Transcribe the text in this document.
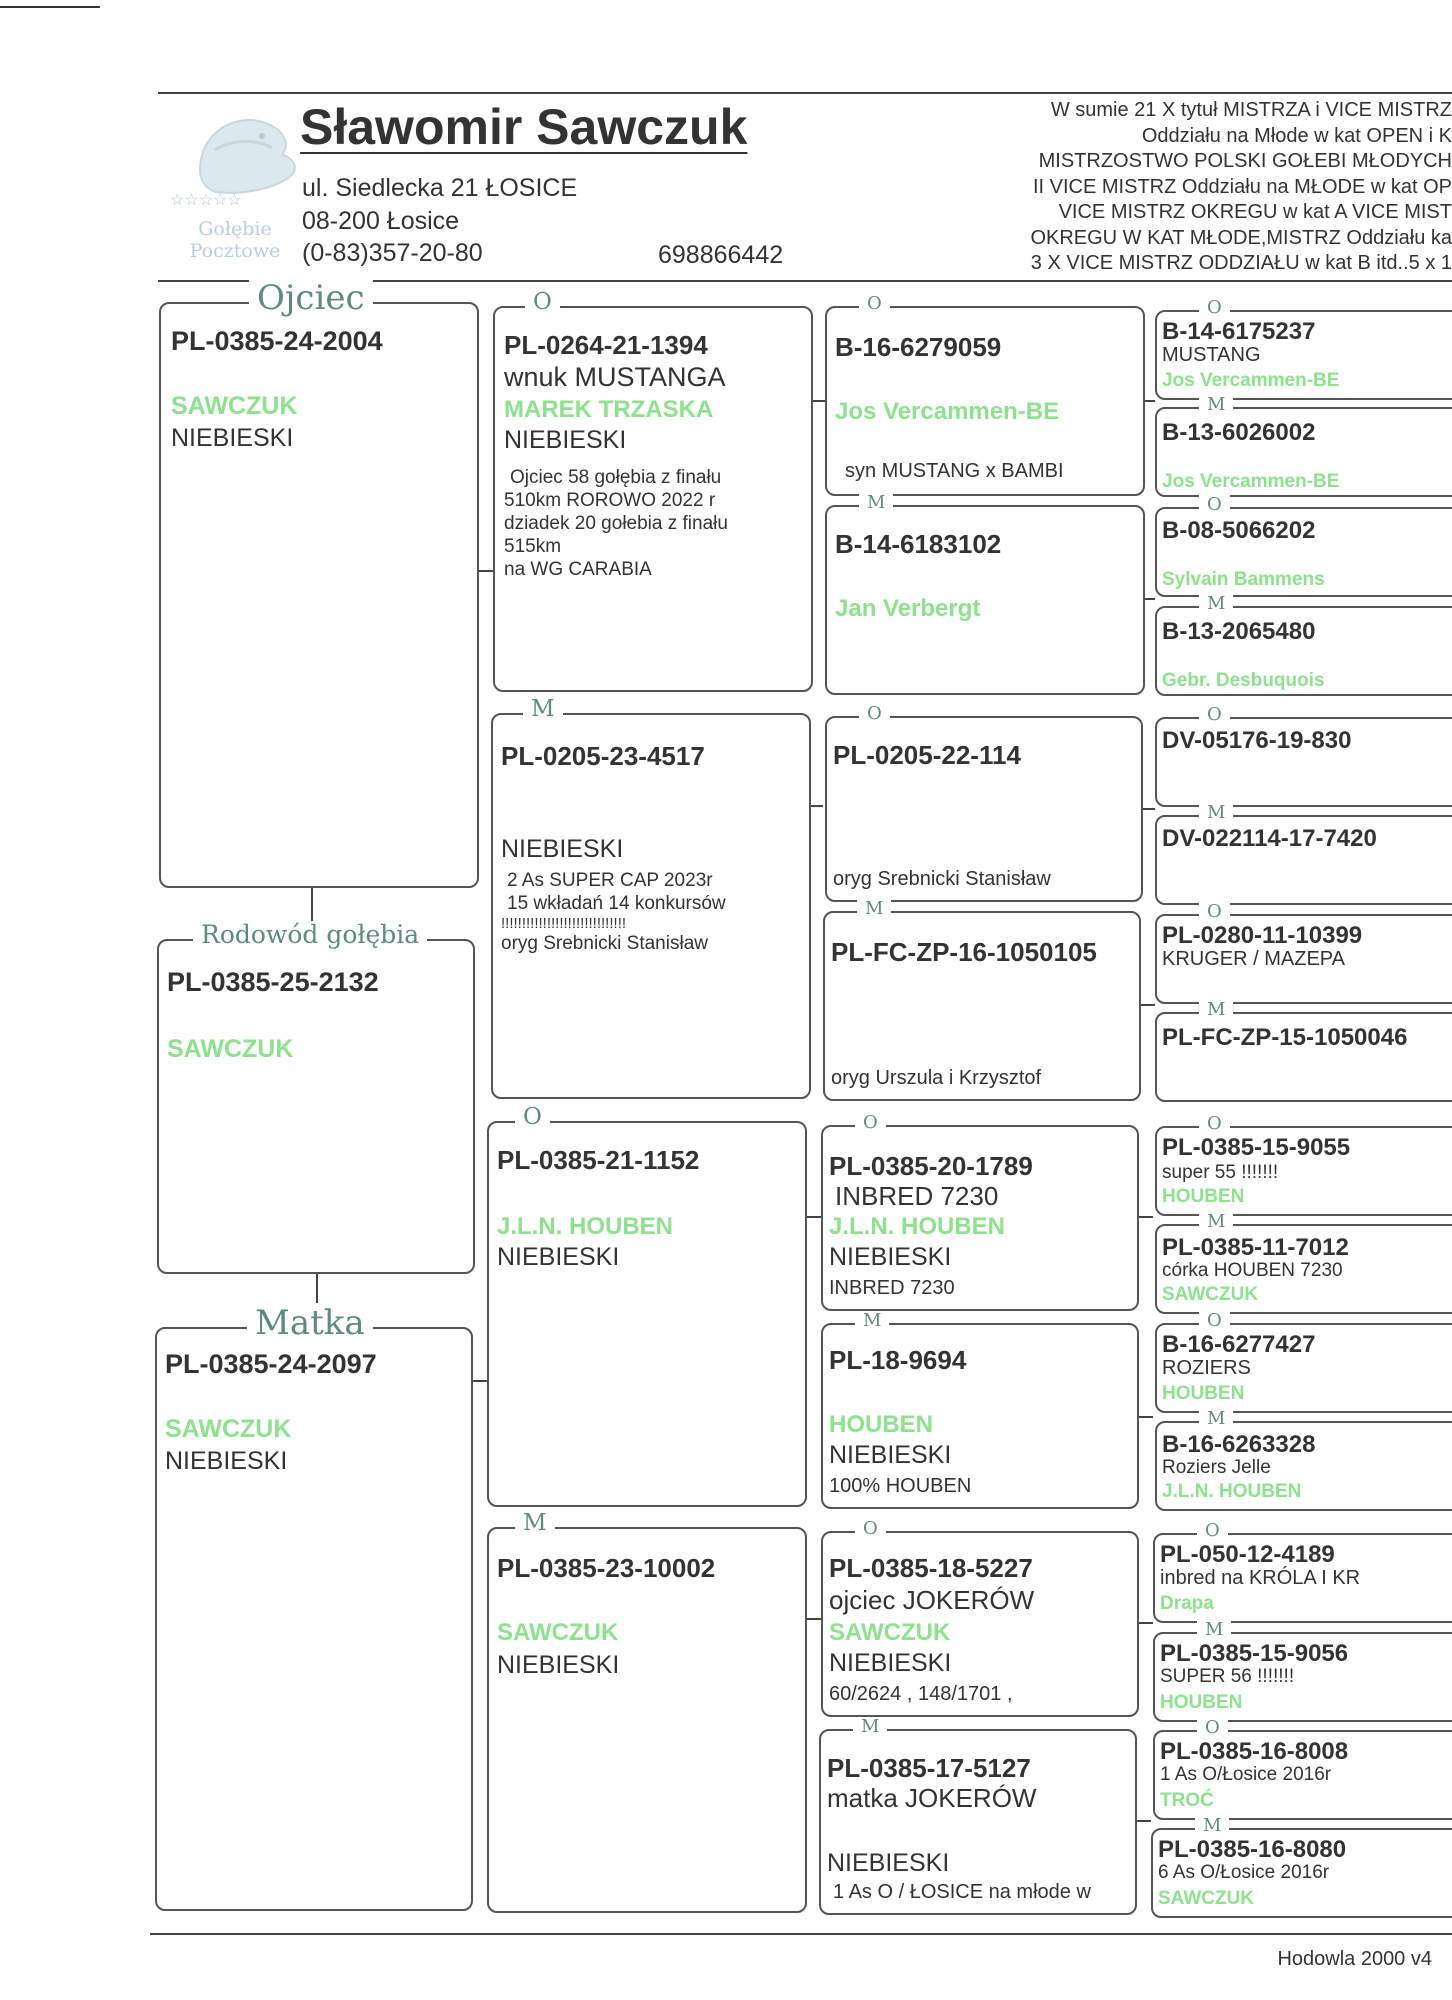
☆☆☆☆☆
Gołębie
Pocztowe
Sławomir Sawczuk
ul. Siedlecka 21 ŁOSICE
08-200 Łosice
(0-83)357-20-80	698866442
W sumie 21 X tytuł MISTRZA i VICE MISTRZ
Oddziału na Młode w kat OPEN i K
MISTRZOSTWO POLSKI GOŁEBI MŁODYCH
II VICE MISTRZ Oddziału na MŁODE w kat OP
VICE MISTRZ OKREGU w kat A VICE MIST
OKREGU W KAT MŁODE,MISTRZ Oddziału ka
3 X VICE MISTRZ ODDZIAŁU w kat B itd..5 x 1
Ojciec
PL-0385-24-2004
SAWCZUK
NIEBIESKI
Rodowód gołębia
PL-0385-25-2132
SAWCZUK
Matka
PL-0385-24-2097
SAWCZUK
NIEBIESKI
O
PL-0264-21-1394
wnuk MUSTANGA
MAREK TRZASKA
NIEBIESKI
Ojciec 58 gołębia z finału
510km ROROWO 2022 r
dziadek 20 gołebia z finału
515km
na WG CARABIA
M
PL-0205-23-4517
NIEBIESKI
2 As SUPER CAP 2023r
15 wkładań 14 konkursów
!!!!!!!!!!!!!!!!!!!!!!!!!!!!!!
oryg Srebnicki Stanisław
O
PL-0385-21-1152
J.L.N. HOUBEN
NIEBIESKI
M
PL-0385-23-10002
SAWCZUK
NIEBIESKI
O
B-16-6279059
Jos Vercammen-BE
syn MUSTANG x BAMBI
M
B-14-6183102
Jan Verbergt
O
PL-0205-22-114
oryg Srebnicki Stanisław
M
PL-FC-ZP-16-1050105
oryg Urszula i Krzysztof
O
PL-0385-20-1789
INBRED 7230
J.L.N. HOUBEN
NIEBIESKI
INBRED 7230
M
PL-18-9694
HOUBEN
NIEBIESKI
100% HOUBEN
O
PL-0385-18-5227
ojciec JOKERÓW
SAWCZUK
NIEBIESKI
60/2624 , 148/1701 ,
M
PL-0385-17-5127
matka JOKERÓW
NIEBIESKI
1 As O / ŁOSICE na młode w
O
B-14-6175237
MUSTANG
Jos Vercammen-BE
M
B-13-6026002
Jos Vercammen-BE
O
B-08-5066202
Sylvain Bammens
M
B-13-2065480
Gebr. Desbuquois
O
DV-05176-19-830
M
DV-022114-17-7420
O
PL-0280-11-10399
KRUGER / MAZEPA
M
PL-FC-ZP-15-1050046
O
PL-0385-15-9055
super 55 !!!!!!!
HOUBEN
M
PL-0385-11-7012
córka HOUBEN 7230
SAWCZUK
O
B-16-6277427
ROZIERS
HOUBEN
M
B-16-6263328
Roziers Jelle
J.L.N. HOUBEN
O
PL-050-12-4189
inbred na KRÓLA I KR
Drapa
M
PL-0385-15-9056
SUPER 56 !!!!!!!
HOUBEN
O
PL-0385-16-8008
1 As O/Łosice 2016r
TROĆ
M
PL-0385-16-8080
6 As O/Łosice 2016r
SAWCZUK
Hodowla 2000 v4
